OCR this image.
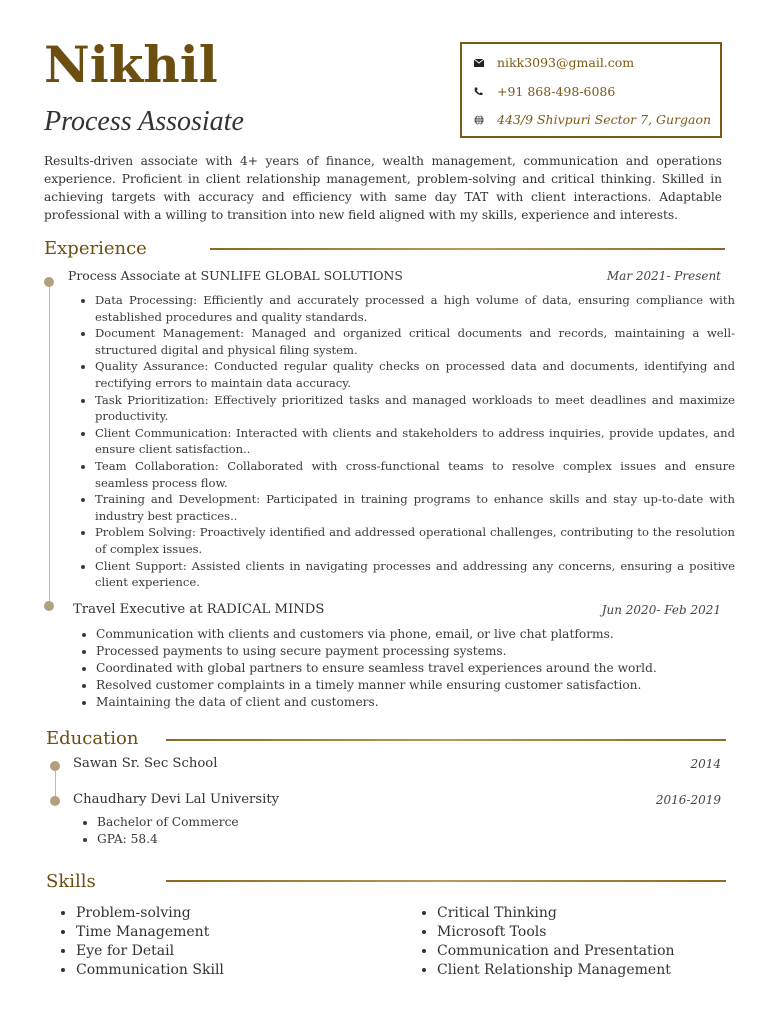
Nikhil
Process Assosiate
nikk3093@gmail.com
+91 868-498-6086
443/9 Shivpuri Sector 7, Gurgaon
Results-driven associate with 4+ years of finance, wealth management, communication and operations experience. Proficient in client relationship management, problem-solving and critical thinking. Skilled in achieving targets with accuracy and efficiency with same day TAT with client interactions. Adaptable professional with a willing to transition into new field aligned with my skills, experience and interests.
Experience
Process Associate at SUNLIFE GLOBAL SOLUTIONS	Mar 2021- Present
• Data Processing: Efficiently and accurately processed a high volume of data, ensuring compliance with established procedures and quality standards.
• Document Management: Managed and organized critical documents and records, maintaining a well-structured digital and physical filing system.
• Quality Assurance: Conducted regular quality checks on processed data and documents, identifying and rectifying errors to maintain data accuracy.
• Task Prioritization: Effectively prioritized tasks and managed workloads to meet deadlines and maximize productivity.
• Client Communication: Interacted with clients and stakeholders to address inquiries, provide updates, and ensure client satisfaction..
• Team Collaboration: Collaborated with cross-functional teams to resolve complex issues and ensure seamless process flow.
• Training and Development: Participated in training programs to enhance skills and stay up-to-date with industry best practices..
• Problem Solving: Proactively identified and addressed operational challenges, contributing to the resolution of complex issues.
• Client Support: Assisted clients in navigating processes and addressing any concerns, ensuring a positive client experience.
Travel Executive at RADICAL MINDS	Jun 2020- Feb 2021
• Communication with clients and customers via phone, email, or live chat platforms.
• Processed payments to using secure payment processing systems.
• Coordinated with global partners to ensure seamless travel experiences around the world.
• Resolved customer complaints in a timely manner while ensuring customer satisfaction.
• Maintaining the data of client and customers.
Education
Sawan Sr. Sec School	2014
Chaudhary Devi Lal University	2016-2019
• Bachelor of Commerce
• GPA: 58.4
Skills
• Problem-solving
• Time Management
• Eye for Detail
• Communication Skill
• Critical Thinking
• Microsoft Tools
• Communication and Presentation
• Client Relationship Management
